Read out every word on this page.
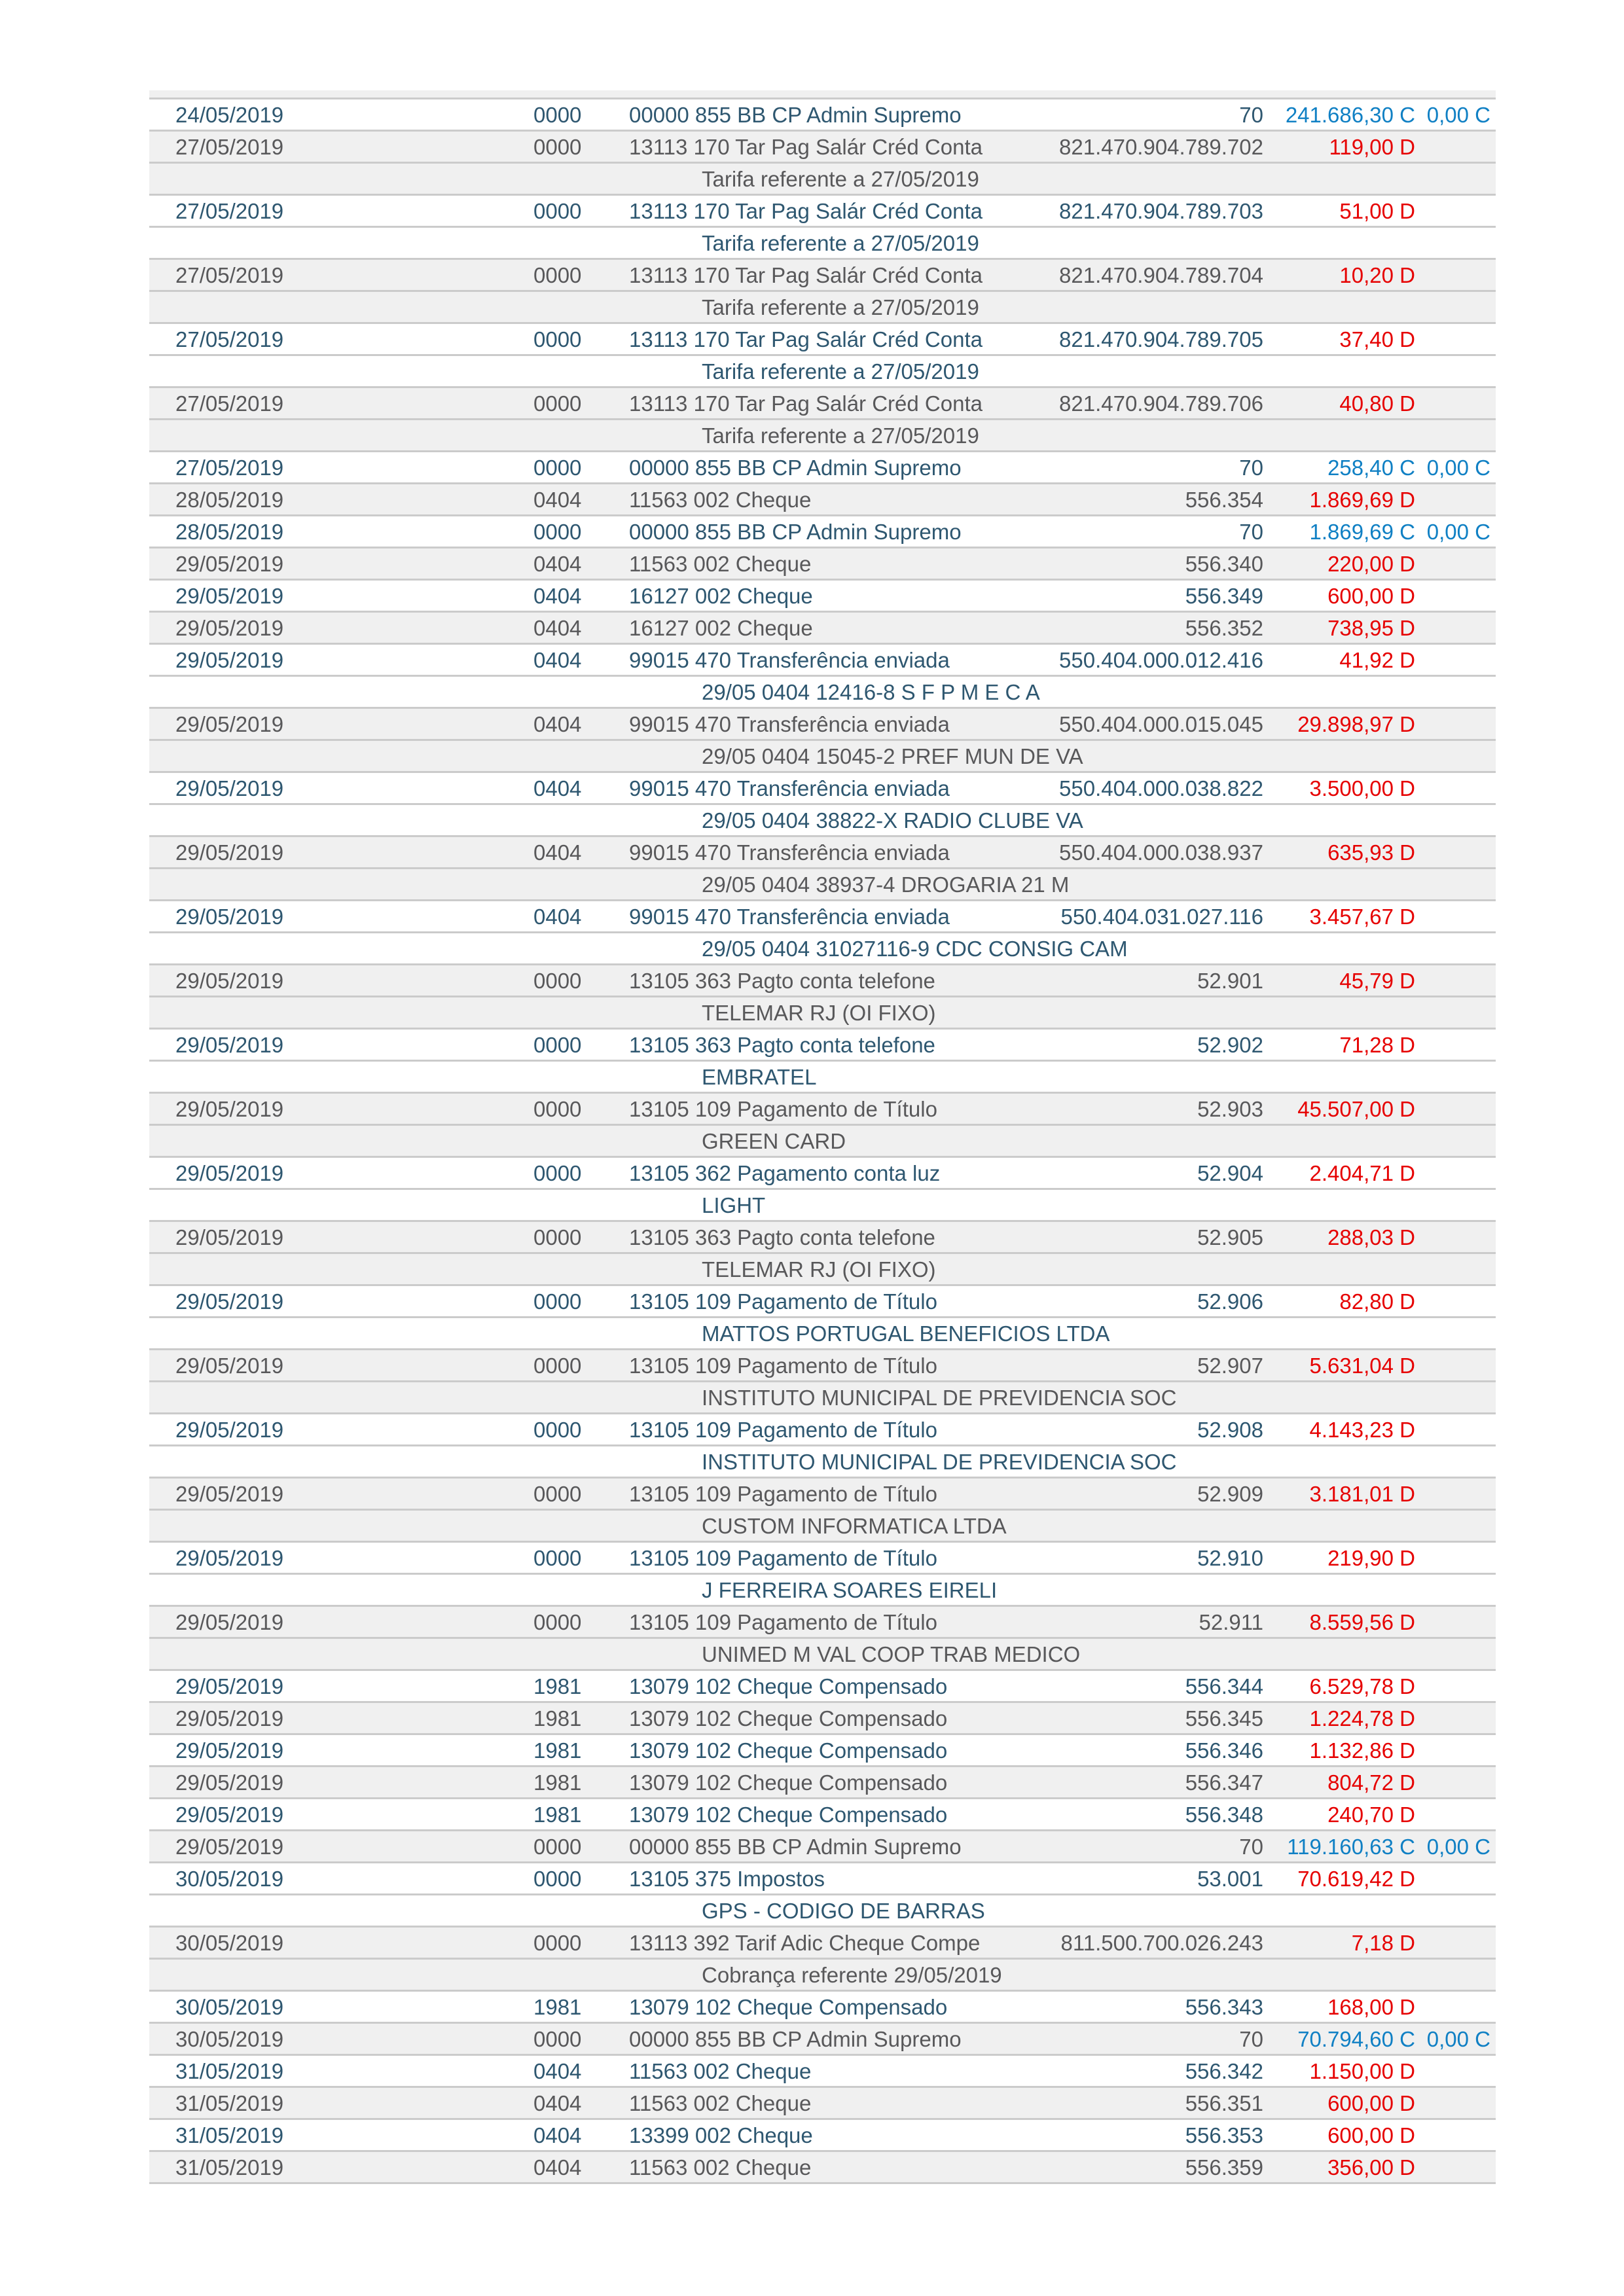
24/05/2019	0000	00000 855 BB CP Admin Supremo	70	241.686,30 C 0,00 C
27/05/2019	0000	13113 170 Tar Pag Salár Créd Conta	821.470.904.789.702	119,00 D
Tarifa referente a 27/05/2019
27/05/2019	0000	13113 170 Tar Pag Salár Créd Conta	821.470.904.789.703	51,00 D
Tarifa referente a 27/05/2019
27/05/2019	0000	13113 170 Tar Pag Salár Créd Conta	821.470.904.789.704	10,20 D
Tarifa referente a 27/05/2019
27/05/2019	0000	13113 170 Tar Pag Salár Créd Conta	821.470.904.789.705	37,40 D
Tarifa referente a 27/05/2019
27/05/2019	0000	13113 170 Tar Pag Salár Créd Conta	821.470.904.789.706	40,80 D
Tarifa referente a 27/05/2019
27/05/2019	0000	00000 855 BB CP Admin Supremo	70	258,40 C 0,00 C
28/05/2019	0404	11563 002 Cheque	556.354	1.869,69 D
28/05/2019	0000	00000 855 BB CP Admin Supremo	70	1.869,69 C 0,00 C
29/05/2019	0404	11563 002 Cheque	556.340	220,00 D
29/05/2019	0404	16127 002 Cheque	556.349	600,00 D
29/05/2019	0404	16127 002 Cheque	556.352	738,95 D
29/05/2019	0404	99015 470 Transferência enviada	550.404.000.012.416	41,92 D
29/05 0404 12416-8 S F P M E C A
29/05/2019	0404	99015 470 Transferência enviada	550.404.000.015.045	29.898,97 D
29/05 0404 15045-2 PREF MUN DE VA
29/05/2019	0404	99015 470 Transferência enviada	550.404.000.038.822	3.500,00 D
29/05 0404 38822-X RADIO CLUBE VA
29/05/2019	0404	99015 470 Transferência enviada	550.404.000.038.937	635,93 D
29/05 0404 38937-4 DROGARIA 21 M
29/05/2019	0404	99015 470 Transferência enviada	550.404.031.027.116	3.457,67 D
29/05 0404 31027116-9 CDC CONSIG CAM
29/05/2019	0000	13105 363 Pagto conta telefone	52.901	45,79 D
TELEMAR RJ (OI FIXO)
29/05/2019	0000	13105 363 Pagto conta telefone	52.902	71,28 D
EMBRATEL
29/05/2019	0000	13105 109 Pagamento de Título	52.903	45.507,00 D
GREEN CARD
29/05/2019	0000	13105 362 Pagamento conta luz	52.904	2.404,71 D
LIGHT
29/05/2019	0000	13105 363 Pagto conta telefone	52.905	288,03 D
TELEMAR RJ (OI FIXO)
29/05/2019	0000	13105 109 Pagamento de Título	52.906	82,80 D
MATTOS PORTUGAL BENEFICIOS LTDA
29/05/2019	0000	13105 109 Pagamento de Título	52.907	5.631,04 D
INSTITUTO MUNICIPAL DE PREVIDENCIA SOC
29/05/2019	0000	13105 109 Pagamento de Título	52.908	4.143,23 D
INSTITUTO MUNICIPAL DE PREVIDENCIA SOC
29/05/2019	0000	13105 109 Pagamento de Título	52.909	3.181,01 D
CUSTOM INFORMATICA LTDA
29/05/2019	0000	13105 109 Pagamento de Título	52.910	219,90 D
J FERREIRA SOARES EIRELI
29/05/2019	0000	13105 109 Pagamento de Título	52.911	8.559,56 D
UNIMED M VAL COOP TRAB MEDICO
29/05/2019	1981	13079 102 Cheque Compensado	556.344	6.529,78 D
29/05/2019	1981	13079 102 Cheque Compensado	556.345	1.224,78 D
29/05/2019	1981	13079 102 Cheque Compensado	556.346	1.132,86 D
29/05/2019	1981	13079 102 Cheque Compensado	556.347	804,72 D
29/05/2019	1981	13079 102 Cheque Compensado	556.348	240,70 D
29/05/2019	0000	00000 855 BB CP Admin Supremo	70	119.160,63 C 0,00 C
30/05/2019	0000	13105 375 Impostos	53.001	70.619,42 D
GPS - CODIGO DE BARRAS
30/05/2019	0000	13113 392 Tarif Adic Cheque Compe	811.500.700.026.243	7,18 D
Cobrança referente 29/05/2019
30/05/2019	1981	13079 102 Cheque Compensado	556.343	168,00 D
30/05/2019	0000	00000 855 BB CP Admin Supremo	70	70.794,60 C 0,00 C
31/05/2019	0404	11563 002 Cheque	556.342	1.150,00 D
31/05/2019	0404	11563 002 Cheque	556.351	600,00 D
31/05/2019	0404	13399 002 Cheque	556.353	600,00 D
31/05/2019	0404	11563 002 Cheque	556.359	356,00 D
